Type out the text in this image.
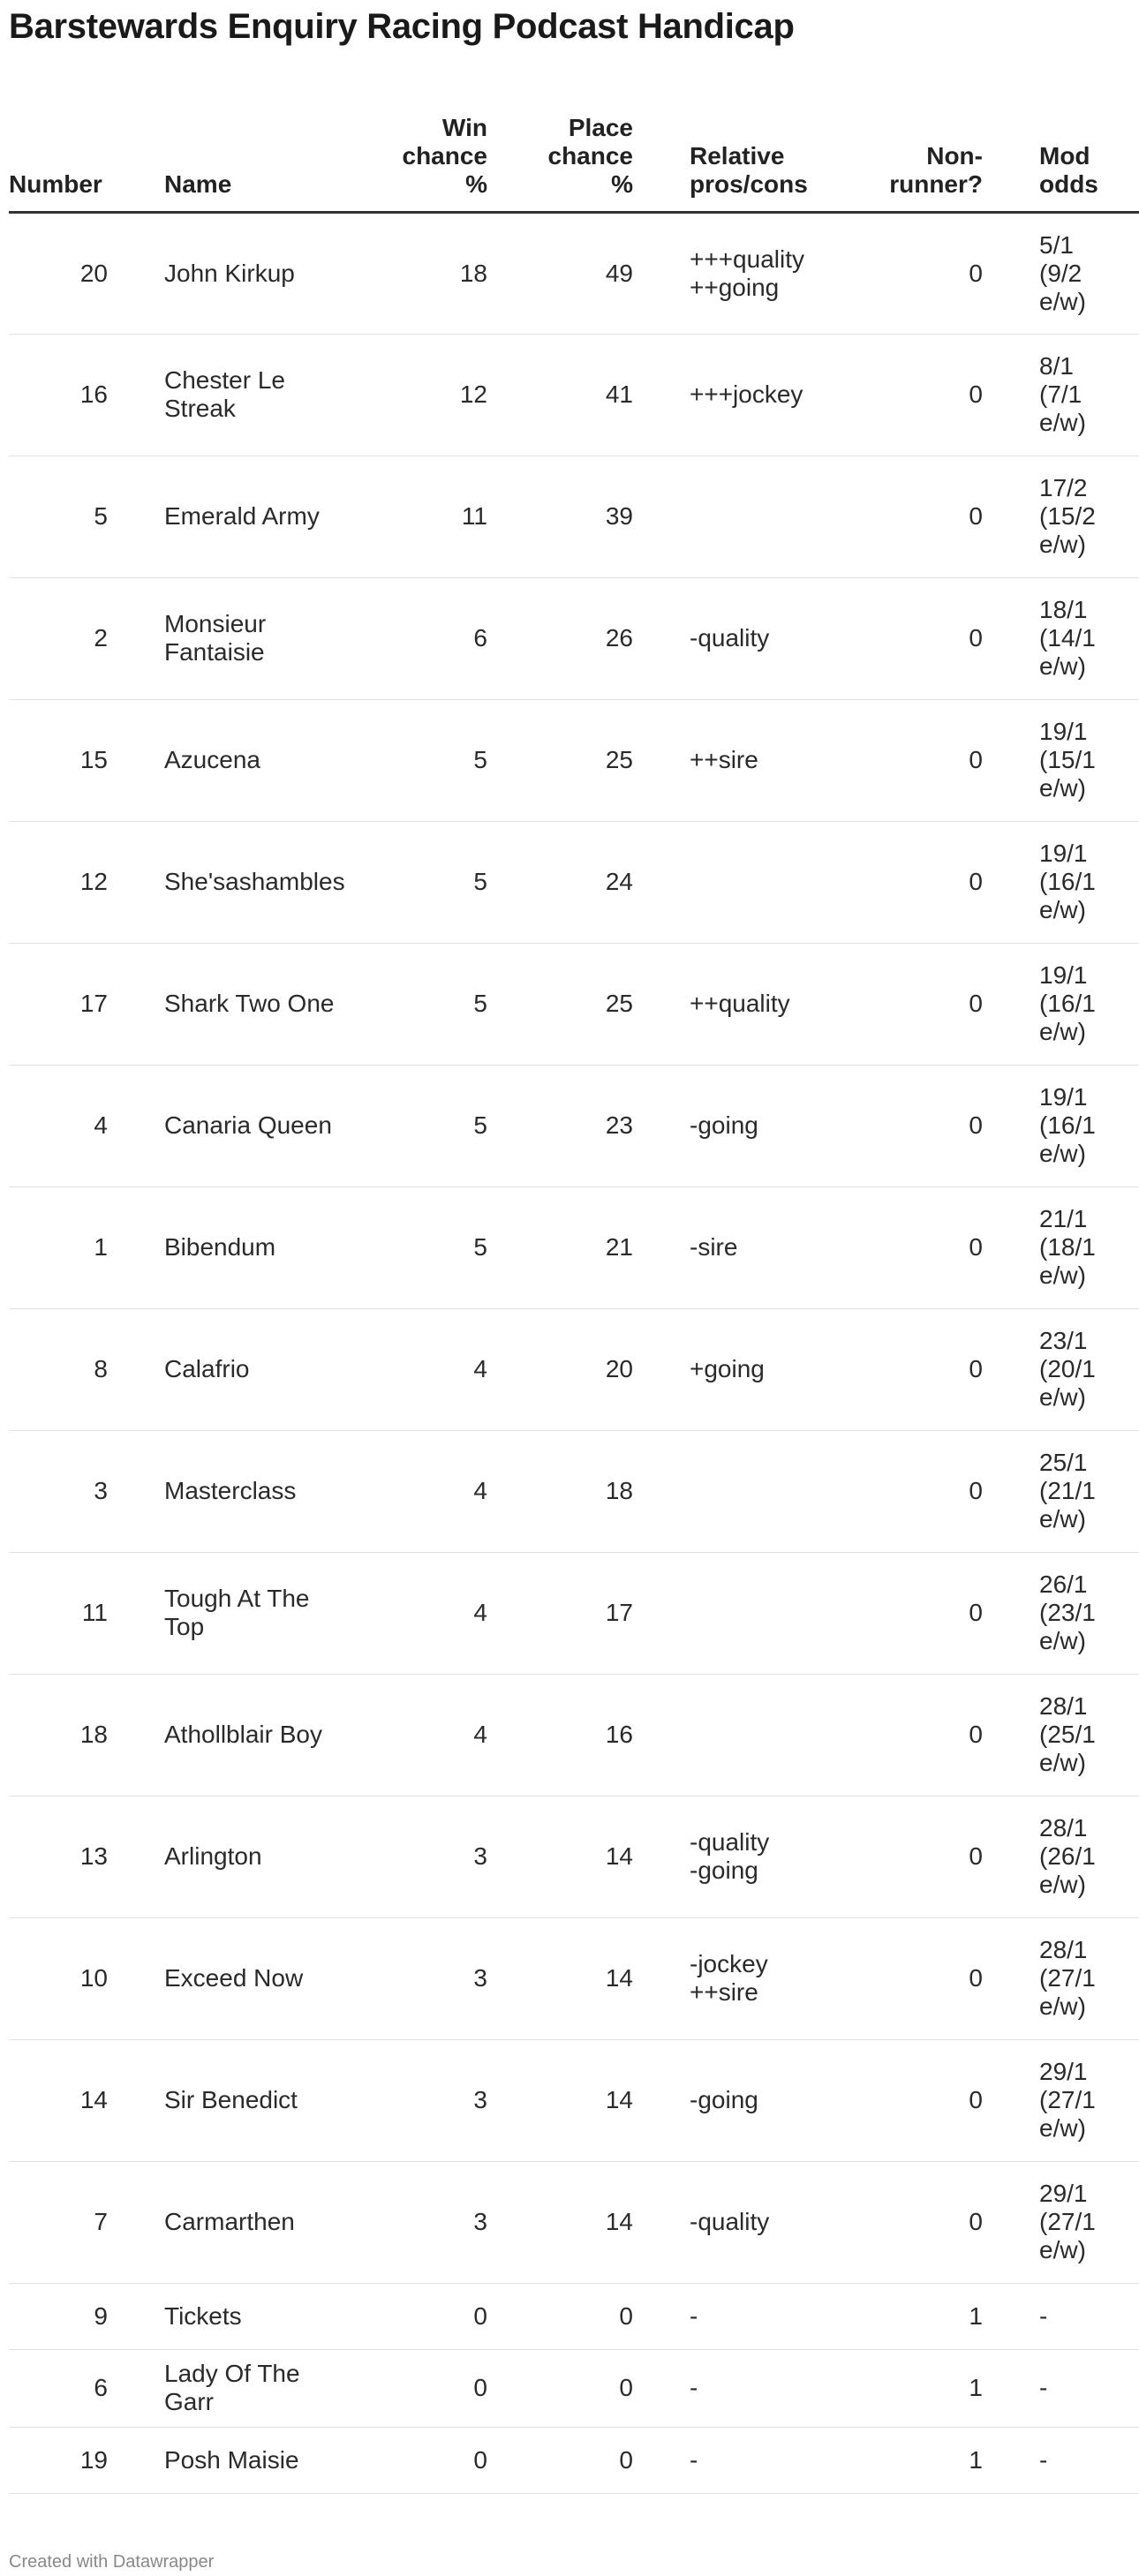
Barstewards Enquiry Racing Podcast Handicap
Number	Name	Win
chance
%	Place
chance
%	Relative
pros/cons	Non-
runner?	Mod
odds

20	John Kirkup	18	49	+++quality
++going	0	5/1
(9/2
e/w)

16	Chester Le
Streak	12	41	+++jockey	0	8/1
(7/1
e/w)

5	Emerald Army	11	39		0	17/2
(15/2
e/w)

2	Monsieur
Fantaisie	6	26	-quality	0	18/1
(14/1
e/w)

15	Azucena	5	25	++sire	0	19/1
(15/1
e/w)

12	She'sashambles	5	24		0	19/1
(16/1
e/w)

17	Shark Two One	5	25	++quality	0	19/1
(16/1
e/w)

4	Canaria Queen	5	23	-going	0	19/1
(16/1
e/w)

1	Bibendum	5	21	-sire	0	21/1
(18/1
e/w)

8	Calafrio	4	20	+going	0	23/1
(20/1
e/w)

3	Masterclass	4	18		0	25/1
(21/1
e/w)

11	Tough At The
Top	4	17		0	26/1
(23/1
e/w)

18	Athollblair Boy	4	16		0	28/1
(25/1
e/w)

13	Arlington	3	14	-quality
-going	0	28/1
(26/1
e/w)

10	Exceed Now	3	14	-jockey
++sire	0	28/1
(27/1
e/w)

14	Sir Benedict	3	14	-going	0	29/1
(27/1
e/w)

7	Carmarthen	3	14	-quality	0	29/1
(27/1
e/w)

9	Tickets	0	0	-	1	-

6	Lady Of The
Garr	0	0	-	1	-

19	Posh Maisie	0	0	-	1	-
Created with Datawrapper
